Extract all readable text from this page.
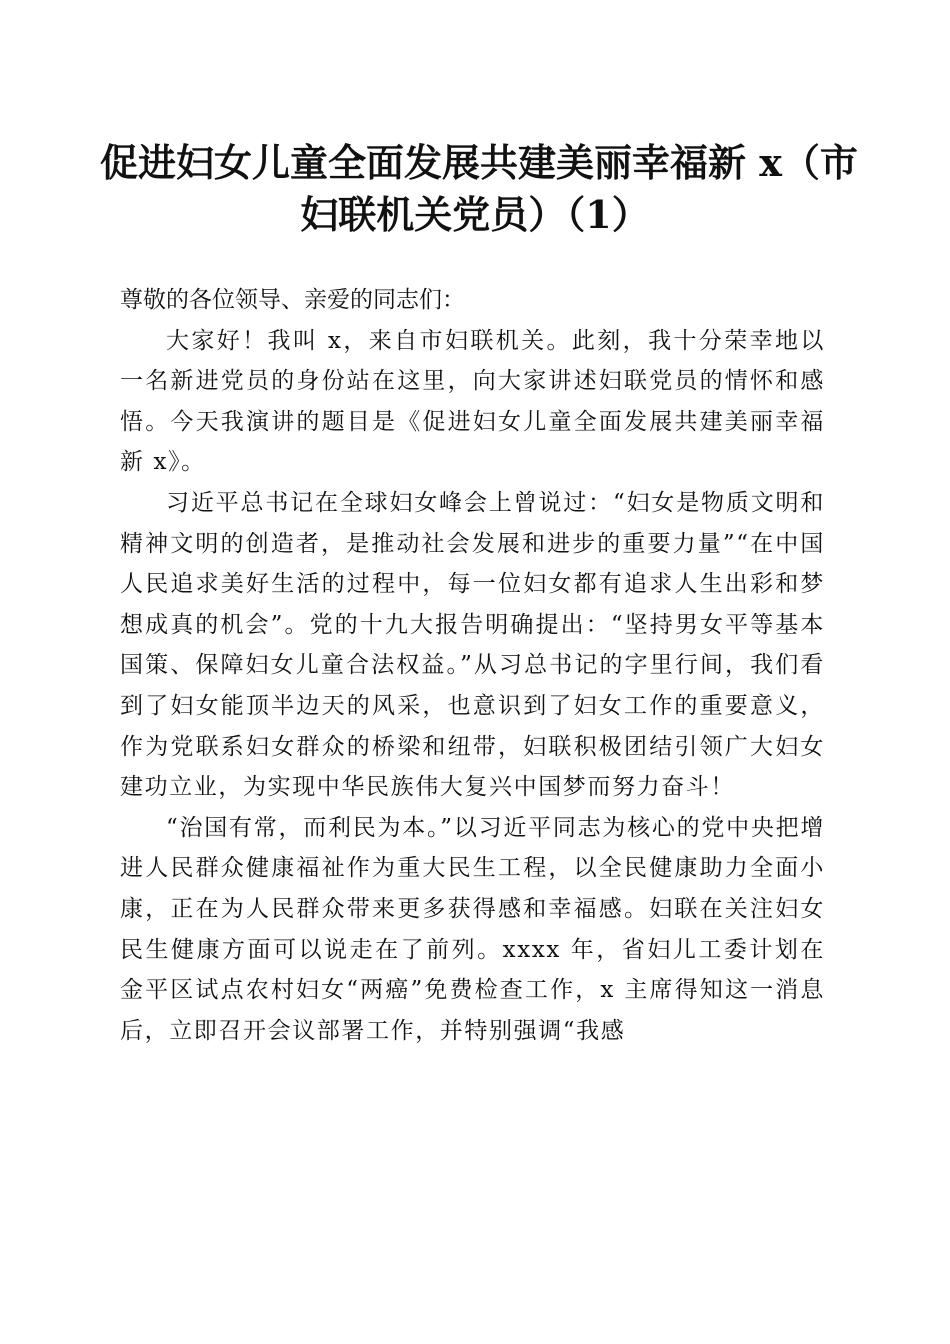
促进妇女儿童全面发展共建美丽幸福新 x（市
妇联机关党员）（1）

尊敬的各位领导、亲爱的同志们：

大家好！我叫 x，来自市妇联机关。此刻，我十分荣幸地以一名新进党员的身份站在这里，向大家讲述妇联党员的情怀和感悟。今天我演讲的题目是《促进妇女儿童全面发展共建美丽幸福新 x》。

习近平总书记在全球妇女峰会上曾说过：“妇女是物质文明和精神文明的创造者，是推动社会发展和进步的重要力量”“在中国人民追求美好生活的过程中，每一位妇女都有追求人生出彩和梦想成真的机会”。党的十九大报告明确提出：“坚持男女平等基本国策、保障妇女儿童合法权益。”从习总书记的字里行间，我们看到了妇女能顶半边天的风采，也意识到了妇女工作的重要意义，作为党联系妇女群众的桥梁和纽带，妇联积极团结引领广大妇女建功立业，为实现中华民族伟大复兴中国梦而努力奋斗！

“治国有常，而利民为本。”以习近平同志为核心的党中央把增进人民群众健康福祉作为重大民生工程，以全民健康助力全面小康，正在为人民群众带来更多获得感和幸福感。妇联在关注妇女民生健康方面可以说走在了前列。xxxx 年，省妇儿工委计划在金平区试点农村妇女“两癌”免费检查工作，x 主席得知这一消息后，立即召开会议部署工作，并特别强调“我感
